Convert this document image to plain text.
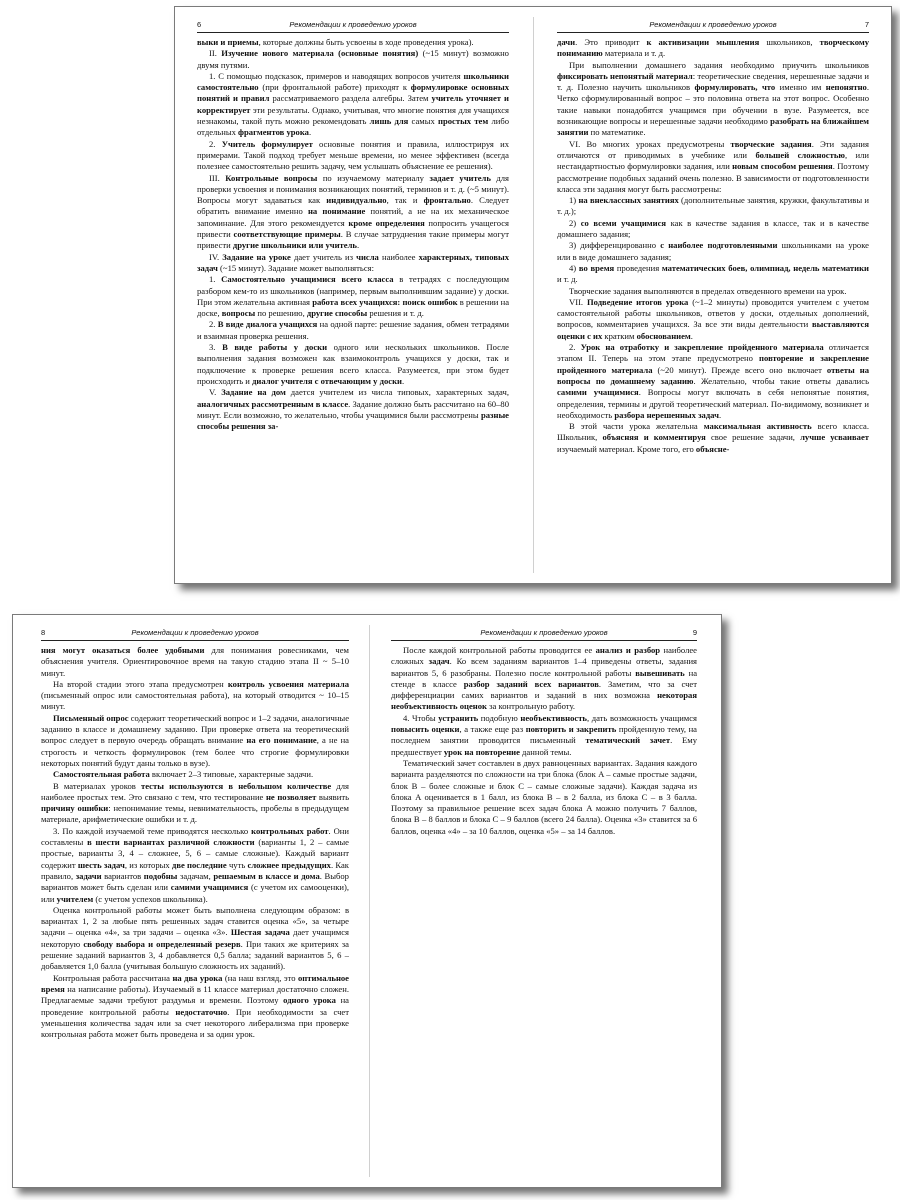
6	Рекомендации к проведению уроков

выки и приемы, которые должны быть усвоены в ходе проведения урока).

II. Изучение нового материала (основные понятия) (~15 минут) возможно двумя путями.

1. С помощью подсказок, примеров и наводящих вопросов учителя школьники самостоятельно (при фронтальной работе) приходят к формулировке основных понятий и правил рассматриваемого раздела алгебры. Затем учитель уточняет и корректирует эти результаты. Однако, учитывая, что многие понятия для учащихся незнакомы, такой путь можно рекомендовать лишь для самых простых тем либо отдельных фрагментов урока.

2. Учитель формулирует основные понятия и правила, иллюстрируя их примерами. Такой подход требует меньше времени, но менее эффективен (всегда полезнее самостоятельно решить задачу, чем услышать объяснение ее решения).

III. Контрольные вопросы по изучаемому материалу задает учитель для проверки усвоения и понимания возникающих понятий, терминов и т. д. (~5 минут). Вопросы могут задаваться как индивидуально, так и фронтально. Следует обратить внимание именно на понимание понятий, а не на их механическое запоминание. Для этого рекомендуется кроме определения попросить учащегося привести соответствующие примеры. В случае затруднения такие примеры могут привести другие школьники или учитель.

IV. Задание на уроке дает учитель из числа наиболее характерных, типовых задач (~15 минут). Задание может выполняться:

1. Самостоятельно учащимися всего класса в тетрадях с последующим разбором кем-то из школьников (например, первым выполнившим задание) у доски. При этом желательна активная работа всех учащихся: поиск ошибок в решении на доске, вопросы по решению, другие способы решения и т. д.

2. В виде диалога учащихся на одной парте: решение задания, обмен тетрадями и взаимная проверка решения.

3. В виде работы у доски одного или нескольких школьников. После выполнения задания возможен как взаимоконтроль учащихся у доски, так и подключение к проверке решения всего класса. Разумеется, при этом будет происходить и диалог учителя с отвечающим у доски.

V. Задание на дом дается учителем из числа типовых, характерных задач, аналогичных рассмотренным в классе. Задание должно быть рассчитано на 60–80 минут. Если возможно, то желательно, чтобы учащимися были рассмотрены разные способы решения за-

7
Рекомендации к проведению уроков

дачи. Это приводит к активизации мышления школьников, творческому пониманию материала и т. д.

При выполнении домашнего задания необходимо приучить школьников фиксировать непонятый материал: теоретические сведения, нерешенные задачи и т. д. Полезно научить школьников формулировать, что именно им непонятно. Четко сформулированный вопрос – это половина ответа на этот вопрос. Особенно такие навыки понадобятся учащимся при обучении в вузе. Разумеется, все возникающие вопросы и нерешенные задачи необходимо разобрать на ближайшем занятии по математике.

VI. Во многих уроках предусмотрены творческие задания. Эти задания отличаются от приводимых в учебнике или большей сложностью, или нестандартностью формулировки задания, или новым способом решения. Поэтому рассмотрение подобных заданий очень полезно. В зависимости от подготовленности класса эти задания могут быть рассмотрены:

1) на внеклассных занятиях (дополнительные занятия, кружки, факультативы и т. д.);

2) со всеми учащимися как в качестве задания в классе, так и в качестве домашнего задания;

3) дифференцированно с наиболее подготовленными школьниками на уроке или в виде домашнего задания;

4) во время проведения математических боев, олимпиад, недель математики и т. д.

Творческие задания выполняются в пределах отведенного времени на урок.

VII. Подведение итогов урока (~1–2 минуты) проводится учителем с учетом самостоятельной работы школьников, ответов у доски, отдельных дополнений, вопросов, комментариев учащихся. За все эти виды деятельности выставляются оценки с их кратким обоснованием.

2. Урок на отработку и закрепление пройденного материала отличается этапом II. Теперь на этом этапе предусмотрено повторение и закрепление пройденного материала (~20 минут). Прежде всего оно включает ответы на вопросы по домашнему заданию. Желательно, чтобы такие ответы давались самими учащимися. Вопросы могут включать в себя непонятые понятия, определения, термины и другой теоретический материал. По-видимому, возникнет и необходимость разбора нерешенных задач.

В этой части урока желательна максимальная активность всего класса. Школьник, объясняя и комментируя свое решение задачи, лучше усваивает изучаемый материал. Кроме того, его объясне-

8	Рекомендации к проведению уроков

ния могут оказаться более удобными для понимания ровесниками, чем объяснения учителя. Ориентировочное время на такую стадию этапа II ~ 5–10 минут.

На второй стадии этого этапа предусмотрен контроль усвоения материала (письменный опрос или самостоятельная работа), на который отводится ~ 10–15 минут.

Письменный опрос содержит теоретический вопрос и 1–2 задачи, аналогичные заданию в классе и домашнему заданию. При проверке ответа на теоретический вопрос следует в первую очередь обращать внимание на его понимание, а не на строгость и четкость формулировок (тем более что строгие формулировки некоторых понятий будут даны только в вузе).

Самостоятельная работа включает 2–3 типовые, характерные задачи.

В материалах уроков тесты используются в небольшом количестве для наиболее простых тем. Это связано с тем, что тестирование не позволяет выявить причину ошибки: непонимание темы, невнимательность, пробелы в предыдущем материале, арифметические ошибки и т. д.

3. По каждой изучаемой теме приводятся несколько контрольных работ. Они составлены в шести вариантах различной сложности (варианты 1, 2 – самые простые, варианты 3, 4 – сложнее, 5, 6 – самые сложные). Каждый вариант содержит шесть задач, из которых две последние чуть сложнее предыдущих. Как правило, задачи вариантов подобны задачам, решаемым в классе и дома. Выбор вариантов может быть сделан или самими учащимися (с учетом их самооценки), или учителем (с учетом успехов школьника).

Оценка контрольной работы может быть выполнена следующим образом: в вариантах 1, 2 за любые пять решенных задач ставится оценка «5», за четыре задачи – оценка «4», за три задачи – оценка «3». Шестая задача дает учащимся некоторую свободу выбора и определенный резерв. При таких же критериях за решение заданий вариантов 3, 4 добавляется 0,5 балла; заданий вариантов 5, 6 – добавляется 1,0 балла (учитывая большую сложность их заданий).

Контрольная работа рассчитана на два урока (на наш взгляд, это оптимальное время на написание работы). Изучаемый в 11 классе материал достаточно сложен. Предлагаемые задачи требуют раздумья и времени. Поэтому одного урока на проведение контрольной работы недостаточно. При необходимости за счет уменьшения количества задач или за счет некоторого либерализма при проверке контрольная работа может быть проведена и за один урок.

9
Рекомендации к проведению уроков

После каждой контрольной работы проводится ее анализ и разбор наиболее сложных задач. Ко всем заданиям вариантов 1–4 приведены ответы, задания вариантов 5, 6 разобраны. Полезно после контрольной работы вывешивать на стенде в классе разбор заданий всех вариантов. Заметим, что за счет дифференциации самих вариантов и заданий в них возможна некоторая необъективность оценок за контрольную работу.

4. Чтобы устранить подобную необъективность, дать возможность учащимся повысить оценки, а также еще раз повторить и закрепить пройденную тему, на последнем занятии проводится письменный тематический зачет. Ему предшествует урок на повторение данной темы.

Тематический зачет составлен в двух равноценных вариантах. Задания каждого варианта разделяются по сложности на три блока (блок A – самые простые задачи, блок B – более сложные и блок C – самые сложные задачи). Каждая задача из блока A оценивается в 1 балл, из блока B – в 2 балла, из блока C – в 3 балла. Поэтому за правильное решение всех задач блока A можно получить 7 баллов, блока B – 8 баллов и блока C – 9 баллов (всего 24 балла). Оценка «3» ставится за 6 баллов, оценка «4» – за 10 баллов, оценка «5» – за 14 баллов.
